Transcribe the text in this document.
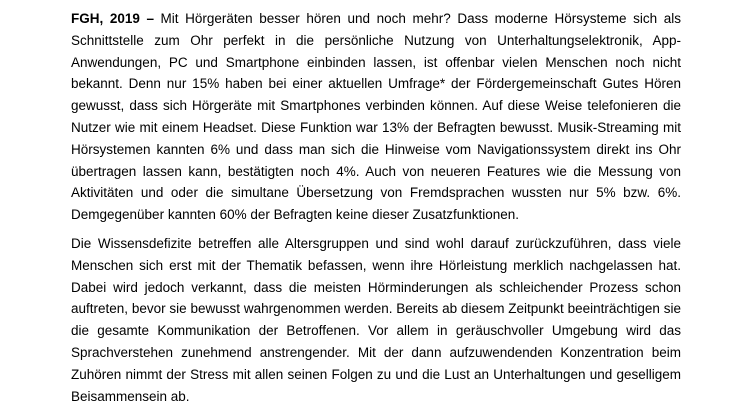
FGH, 2019 – Mit Hörgeräten besser hören und noch mehr? Dass moderne Hörsysteme sich als Schnittstelle zum Ohr perfekt in die persönliche Nutzung von Unterhaltungselektronik, App-Anwendungen, PC und Smartphone einbinden lassen, ist offenbar vielen Menschen noch nicht bekannt. Denn nur 15% haben bei einer aktuellen Umfrage* der Fördergemeinschaft Gutes Hören gewusst, dass sich Hörgeräte mit Smartphones verbinden können. Auf diese Weise telefonieren die Nutzer wie mit einem Headset. Diese Funktion war 13% der Befragten bewusst. Musik-Streaming mit Hörsystemen kannten 6% und dass man sich die Hinweise vom Navigationssystem direkt ins Ohr übertragen lassen kann, bestätigten noch 4%. Auch von neueren Features wie die Messung von Aktivitäten und oder die simultane Übersetzung von Fremdsprachen wussten nur 5% bzw. 6%. Demgegenüber kannten 60% der Befragten keine dieser Zusatzfunktionen.

Die Wissensdefizite betreffen alle Altersgruppen und sind wohl darauf zurückzuführen, dass viele Menschen sich erst mit der Thematik befassen, wenn ihre Hörleistung merklich nachgelassen hat. Dabei wird jedoch verkannt, dass die meisten Hörminderungen als schleichender Prozess schon auftreten, bevor sie bewusst wahrgenommen werden. Bereits ab diesem Zeitpunkt beeinträchtigen sie die gesamte Kommunikation der Betroffenen. Vor allem in geräuschvoller Umgebung wird das Sprachverstehen zunehmend anstrengender. Mit der dann aufzuwendenden Konzentration beim Zuhören nimmt der Stress mit allen seinen Folgen zu und die Lust an Unterhaltungen und geselligem Beisammensein ab.
